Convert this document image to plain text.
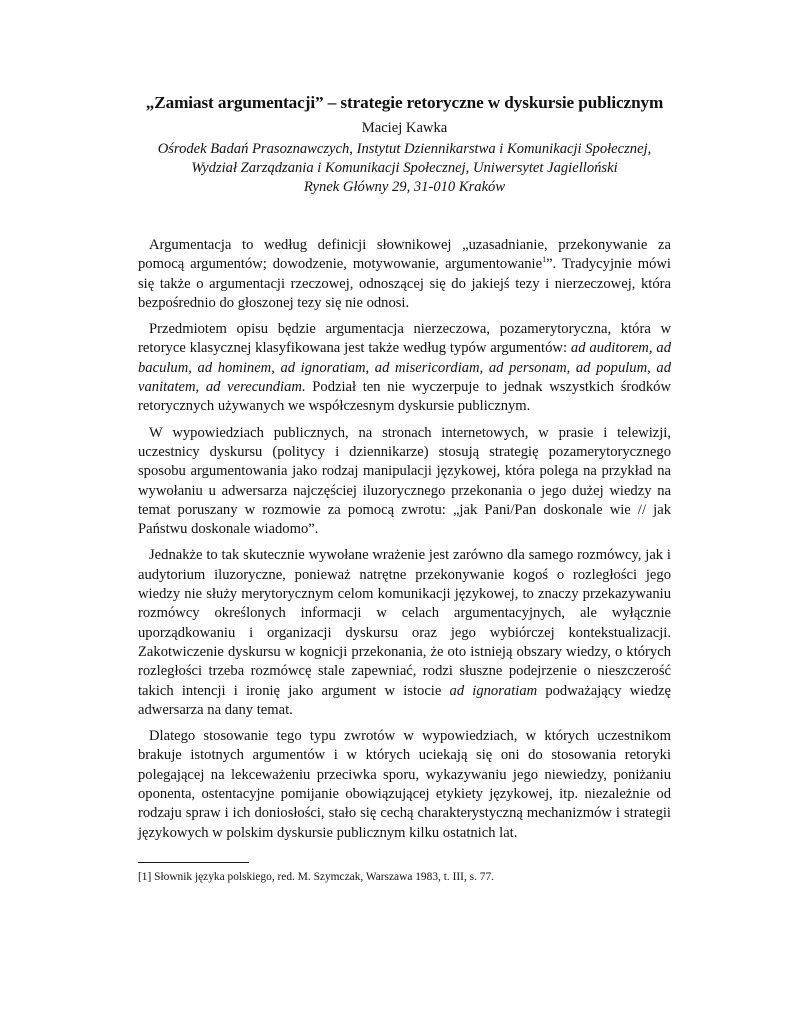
„Zamiast argumentacji” – strategie retoryczne w dyskursie publicznym
Maciej Kawka

Ośrodek Badań Prasoznawczych, Instytut Dziennikarstwa i Komunikacji Społecznej,

Wydział Zarządzania i Komunikacji Społecznej, Uniwersytet Jagielloński

Rynek Główny 29, 31-010 Kraków

Argumentacja to według definicji słownikowej „uzasadnianie, przekonywanie za pomocą argumentów; dowodzenie, motywowanie, argumentowanie$^1$”. Tradycyjnie mówi się także o argumentacji rzeczowej, odnoszącej się do jakiejś tezy i nierzeczowej, która bezpośrednio do głoszonej tezy się nie odnosi.

Przedmiotem opisu będzie argumentacja nierzeczowa, pozamerytoryczna, która w retoryce klasycznej klasyfikowana jest także według typów argumentów: ad auditorem, ad baculum, ad hominem, ad ignoratiam, ad misericordiam, ad personam, ad populum, ad vanitatem, ad verecundiam. Podział ten nie wyczerpuje to jednak wszystkich środków retorycznych używanych we współczesnym dyskursie publicznym.

W wypowiedziach publicznych, na stronach internetowych, w prasie i telewizji, uczestnicy dyskursu (politycy i dziennikarze) stosują strategię pozamerytorycznego sposobu argumentowania jako rodzaj manipulacji językowej, która polega na przykład na wywołaniu u adwersarza najczęściej iluzorycznego przekonania o jego dużej wiedzy na temat poruszany w rozmowie za pomocą zwrotu: „jak Pani/Pan doskonale wie // jak Państwu doskonale wiadomo”.

Jednakże to tak skutecznie wywołane wrażenie jest zarówno dla samego rozmówcy, jak i audytorium iluzoryczne, ponieważ natrętne przekonywanie kogoś o rozległości jego wiedzy nie służy merytorycznym celom komunikacji językowej, to znaczy przekazywaniu rozmówcy określonych informacji w celach argumentacyjnych, ale wyłącznie uporządkowaniu i organizacji dyskursu oraz jego wybiórczej kontekstualizacji. Zakotwiczenie dyskursu w kognicji przekonania, że oto istnieją obszary wiedzy, o których rozległości trzeba rozmówcę stale zapewniać, rodzi słuszne podejrzenie o nieszczerość takich intencji i ironię jako argument w istocie ad ignoratiam podważający wiedzę adwersarza na dany temat.

Dlatego stosowanie tego typu zwrotów w wypowiedziach, w których uczestnikom brakuje istotnych argumentów i w których uciekają się oni do stosowania retoryki polegającej na lekceważeniu przeciwka sporu, wykazywaniu jego niewiedzy, poniżaniu oponenta, ostentacyjne pomijanie obowiązującej etykiety językowej, itp. niezależnie od rodzaju spraw i ich doniosłości, stało się cechą charakterystyczną mechanizmów i strategii językowych w polskim dyskursie publicznym kilku ostatnich lat.

[1] Słownik języka polskiego, red. M. Szymczak, Warszawa 1983, t. III, s. 77.
